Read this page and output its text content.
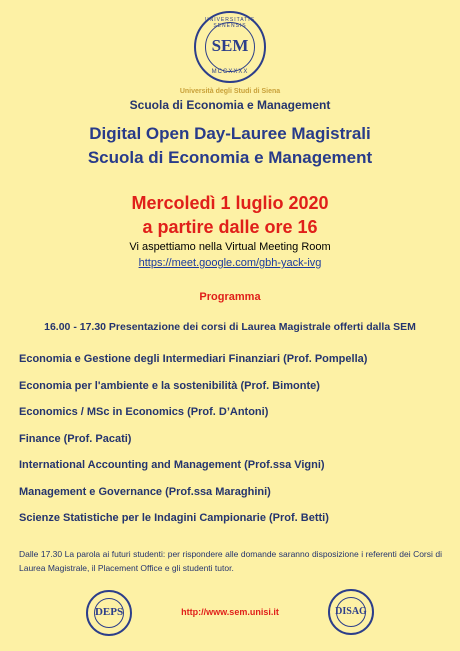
UNIVERSITATIS SENENSIS
SEM
MCCXXXX
Università degli Studi di Siena
Scuola di Economia e Management
Digital Open Day-Lauree Magistrali
Scuola di Economia e Management
Mercoledì 1 luglio 2020
a partire dalle ore 16
Vi aspettiamo nella Virtual Meeting Room
https://meet.google.com/gbh-yack-ivg
Programma
16.00 - 17.30 Presentazione dei corsi di Laurea Magistrale offerti dalla SEM
Economia e Gestione degli Intermediari Finanziari (Prof. Pompella)
Economia per l'ambiente e la sostenibilità (Prof. Bimonte)
Economics / MSc in Economics (Prof. D’Antoni)
Finance (Prof. Pacati)
International Accounting and Management (Prof.ssa Vigni)
Management e Governance (Prof.ssa Maraghini)
Scienze Statistiche per le Indagini Campionarie (Prof. Betti)
Dalle 17.30 La parola ai futuri studenti: per rispondere alle domande saranno disposizione i referenti dei Corsi di Laurea Magistrale, il Placement Office e gli studenti tutor.
DEPS	http://www.sem.unisi.it	DISAG
